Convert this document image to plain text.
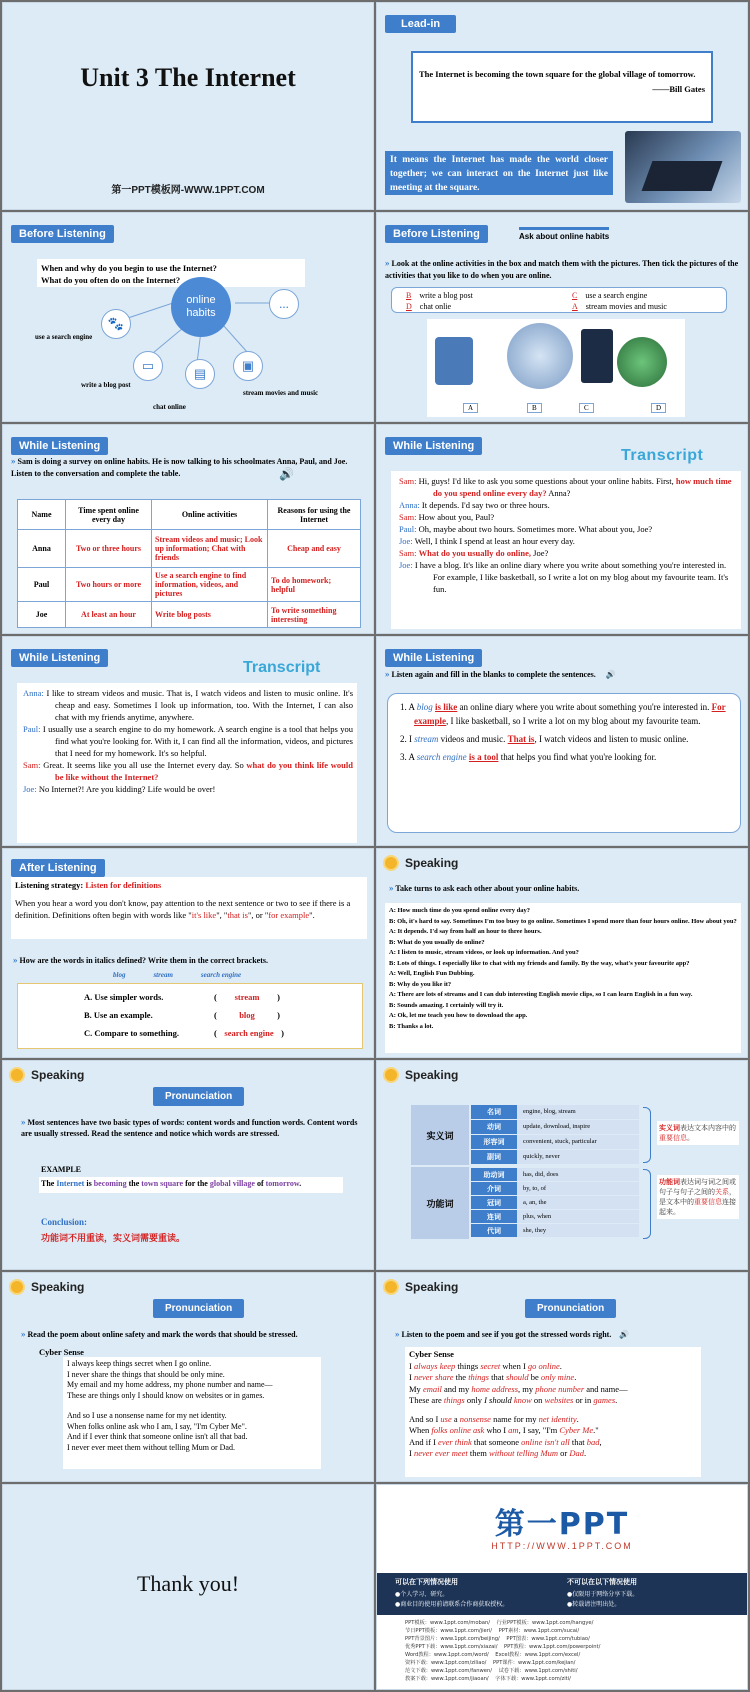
Unit 3 The Internet
第一PPT模板网-WWW.1PPT.COM
Lead-in
The Internet is becoming the town square for the global village of tomorrow.
——Bill Gates
It means the Internet has made the world closer together; we can interact on the Internet just like meeting at the square.
Before Listening
When and why do you begin to use the Internet?
What do you often do on the Internet?
online habits
🐾
▭
▤
▣
...
use a search engine
write a blog post
chat online
stream movies and music
Before Listening	Ask about online habits
» Look at the online activities in the box and match them with the pictures. Then tick the pictures of the activities that you like to do when you are online.
B write a blog post
D chat onlie
C use a search engine
A stream movies and music
A	B	C	D
While Listening
🔊
» Sam is doing a survey on online habits. He is now talking to his schoolmates Anna, Paul, and Joe. Listen to the conversation and complete the table.
Name	Time spent online every day	Online activities	Reasons for using the Internet
Anna	Two or three hours	Stream videos and music; Look up information; Chat with friends	Cheap and easy
Paul	Two hours or more	Use a search engine to find information, videos, and pictures	To do homework; helpful
Joe	At least an hour	Write blog posts	To write something interesting
While Listening
Transcript
Sam: Hi, guys! I'd like to ask you some questions about your online habits. First, how much time do you spend online every day? Anna?
Anna: It depends. I'd say two or three hours.
Sam: How about you, Paul?
Paul: Oh, maybe about two hours. Sometimes more. What about you, Joe?
Joe: Well, I think I spend at least an hour every day.
Sam: What do you usually do online, Joe?
Joe: I have a blog. It's like an online diary where you write about something you're interested in. For example, I like basketball, so I write a lot on my blog about my favourite team. It's fun.
While Listening
Transcript
Anna: I like to stream videos and music. That is, I watch videos and listen to music online. It's cheap and easy. Sometimes I look up information, too. With the Internet, I can also chat with my friends anytime, anywhere.
Paul: I usually use a search engine to do my homework. A search engine is a tool that helps you find what you're looking for. With it, I can find all the information, videos, and pictures that I need for my homework. It's so helpful.
Sam: Great. It seems like you all use the Internet every day. So what do you think life would be like without the Internet?
Joe: No Internet?! Are you kidding? Life would be over!
While Listening
» Listen again and fill in the blanks to complete the sentences. 🔊
1. A blog is like an online diary where you write about something you're interested in. For example, I like basketball, so I write a lot on my blog about my favourite team.
2. I stream videos and music. That is, I watch videos and listen to music online.
3. A search engine is a tool that helps you find what you're looking for.
After Listening
Listening strategy: Listen for definitions
When you hear a word you don't know, pay attention to the next sentence or two to see if there is a definition. Definitions often begin with words like "it's like", "that is", or "for example".
» How are the words in italics defined? Write them in the correct brackets.
blog	stream	search engine
A. Use simpler words.	( stream )
B. Use an example.	(	blog	)
C. Compare to something.	( search engine )
Speaking
» Take turns to ask each other about your online habits.
A: How much time do you spend online every day?
B: Oh, it's hard to say. Sometimes I'm too busy to go online. Sometimes I spend more than four hours online. How about you?
A: It depends. I'd say from half an hour to three hours.
B: What do you usually do online?
A: I listen to music, stream videos, or look up information. And you?
B: Lots of things. I especially like to chat with my friends and family. By the way, what's your favourite app?
A: Well, English Fun Dubbing.
B: Why do you like it?
A: There are lots of streams and I can dub interesting English movie clips, so I can learn English in a fun way.
B: Sounds amazing. I certainly will try it.
A: Ok, let me teach you how to download the app.
B: Thanks a lot.
Speaking
Pronunciation
» Most sentences have two basic types of words: content words and function words. Content words are usually stressed. Read the sentence and notice which words are stressed.
EXAMPLE
The Internet is becoming the town square for the global village of tomorrow.
Conclusion:
功能词不用重读，实义词需要重读。
Speaking
实义词
功能词
名词	engine, blog, stream
动词	update, download, inspire
形容词	convenient, stuck, particular
副词	quickly, never
助动词	has, did, does
介词	by, to, of
冠词	a, an, the
连词	plus, when
代词	she, they
实义词表达文本内容中的重要信息。
功能词表达词与词之间或句子与句子之间的关系，是文本中的重要信息连接起来。
Speaking
Pronunciation
» Read the poem about online safety and mark the words that should be stressed.
Cyber Sense
I always keep things secret when I go online.
I never share the things that should be only mine.
My email and my home address, my phone number and name—
These are things only I should know on websites or in games.
And so I use a nonsense name for my net identity.
When folks online ask who I am, I say, "I'm Cyber Me".
And if I ever think that someone online isn't all that bad.
I never ever meet them without telling Mum or Dad.
Speaking
Pronunciation
» Listen to the poem and see if you got the stressed words right. 🔊
Cyber Sense
I always keep things secret when I go online.
I never share the things that should be only mine.
My email and my home address, my phone number and name—
These are things only I should know on websites or in games.
And so I use a nonsense name for my net identity.
When folks online ask who I am, I say, "I'm Cyber Me."
And if I ever think that someone online isn't all that bad,
I never ever meet them without telling Mum or Dad.
Thank you!
第一PPT
HTTP://WWW.1PPT.COM
可以在下列情况使用
●个人学习、研究。
●商业目的使用前请联系合作商获取授权。
不可以在以下情况使用
●仅限用于网络分享下载。
●转载请注明出处。
PPT模板：www.1ppt.com/moban/    行业PPT模板：www.1ppt.com/hangye/
节日PPT模板：www.1ppt.com/jieri/    PPT素材：www.1ppt.com/sucai/
PPT背景图片：www.1ppt.com/beijing/    PPT图表：www.1ppt.com/tubiao/
优秀PPT下载：www.1ppt.com/xiazai/    PPT教程：www.1ppt.com/powerpoint/
Word教程：www.1ppt.com/word/    Excel教程：www.1ppt.com/excel/
资料下载：www.1ppt.com/ziliao/    PPT课件：www.1ppt.com/kejian/
范文下载：www.1ppt.com/fanwen/    试卷下载：www.1ppt.com/shiti/
教案下载：www.1ppt.com/jiaoan/    字体下载：www.1ppt.com/ziti/
